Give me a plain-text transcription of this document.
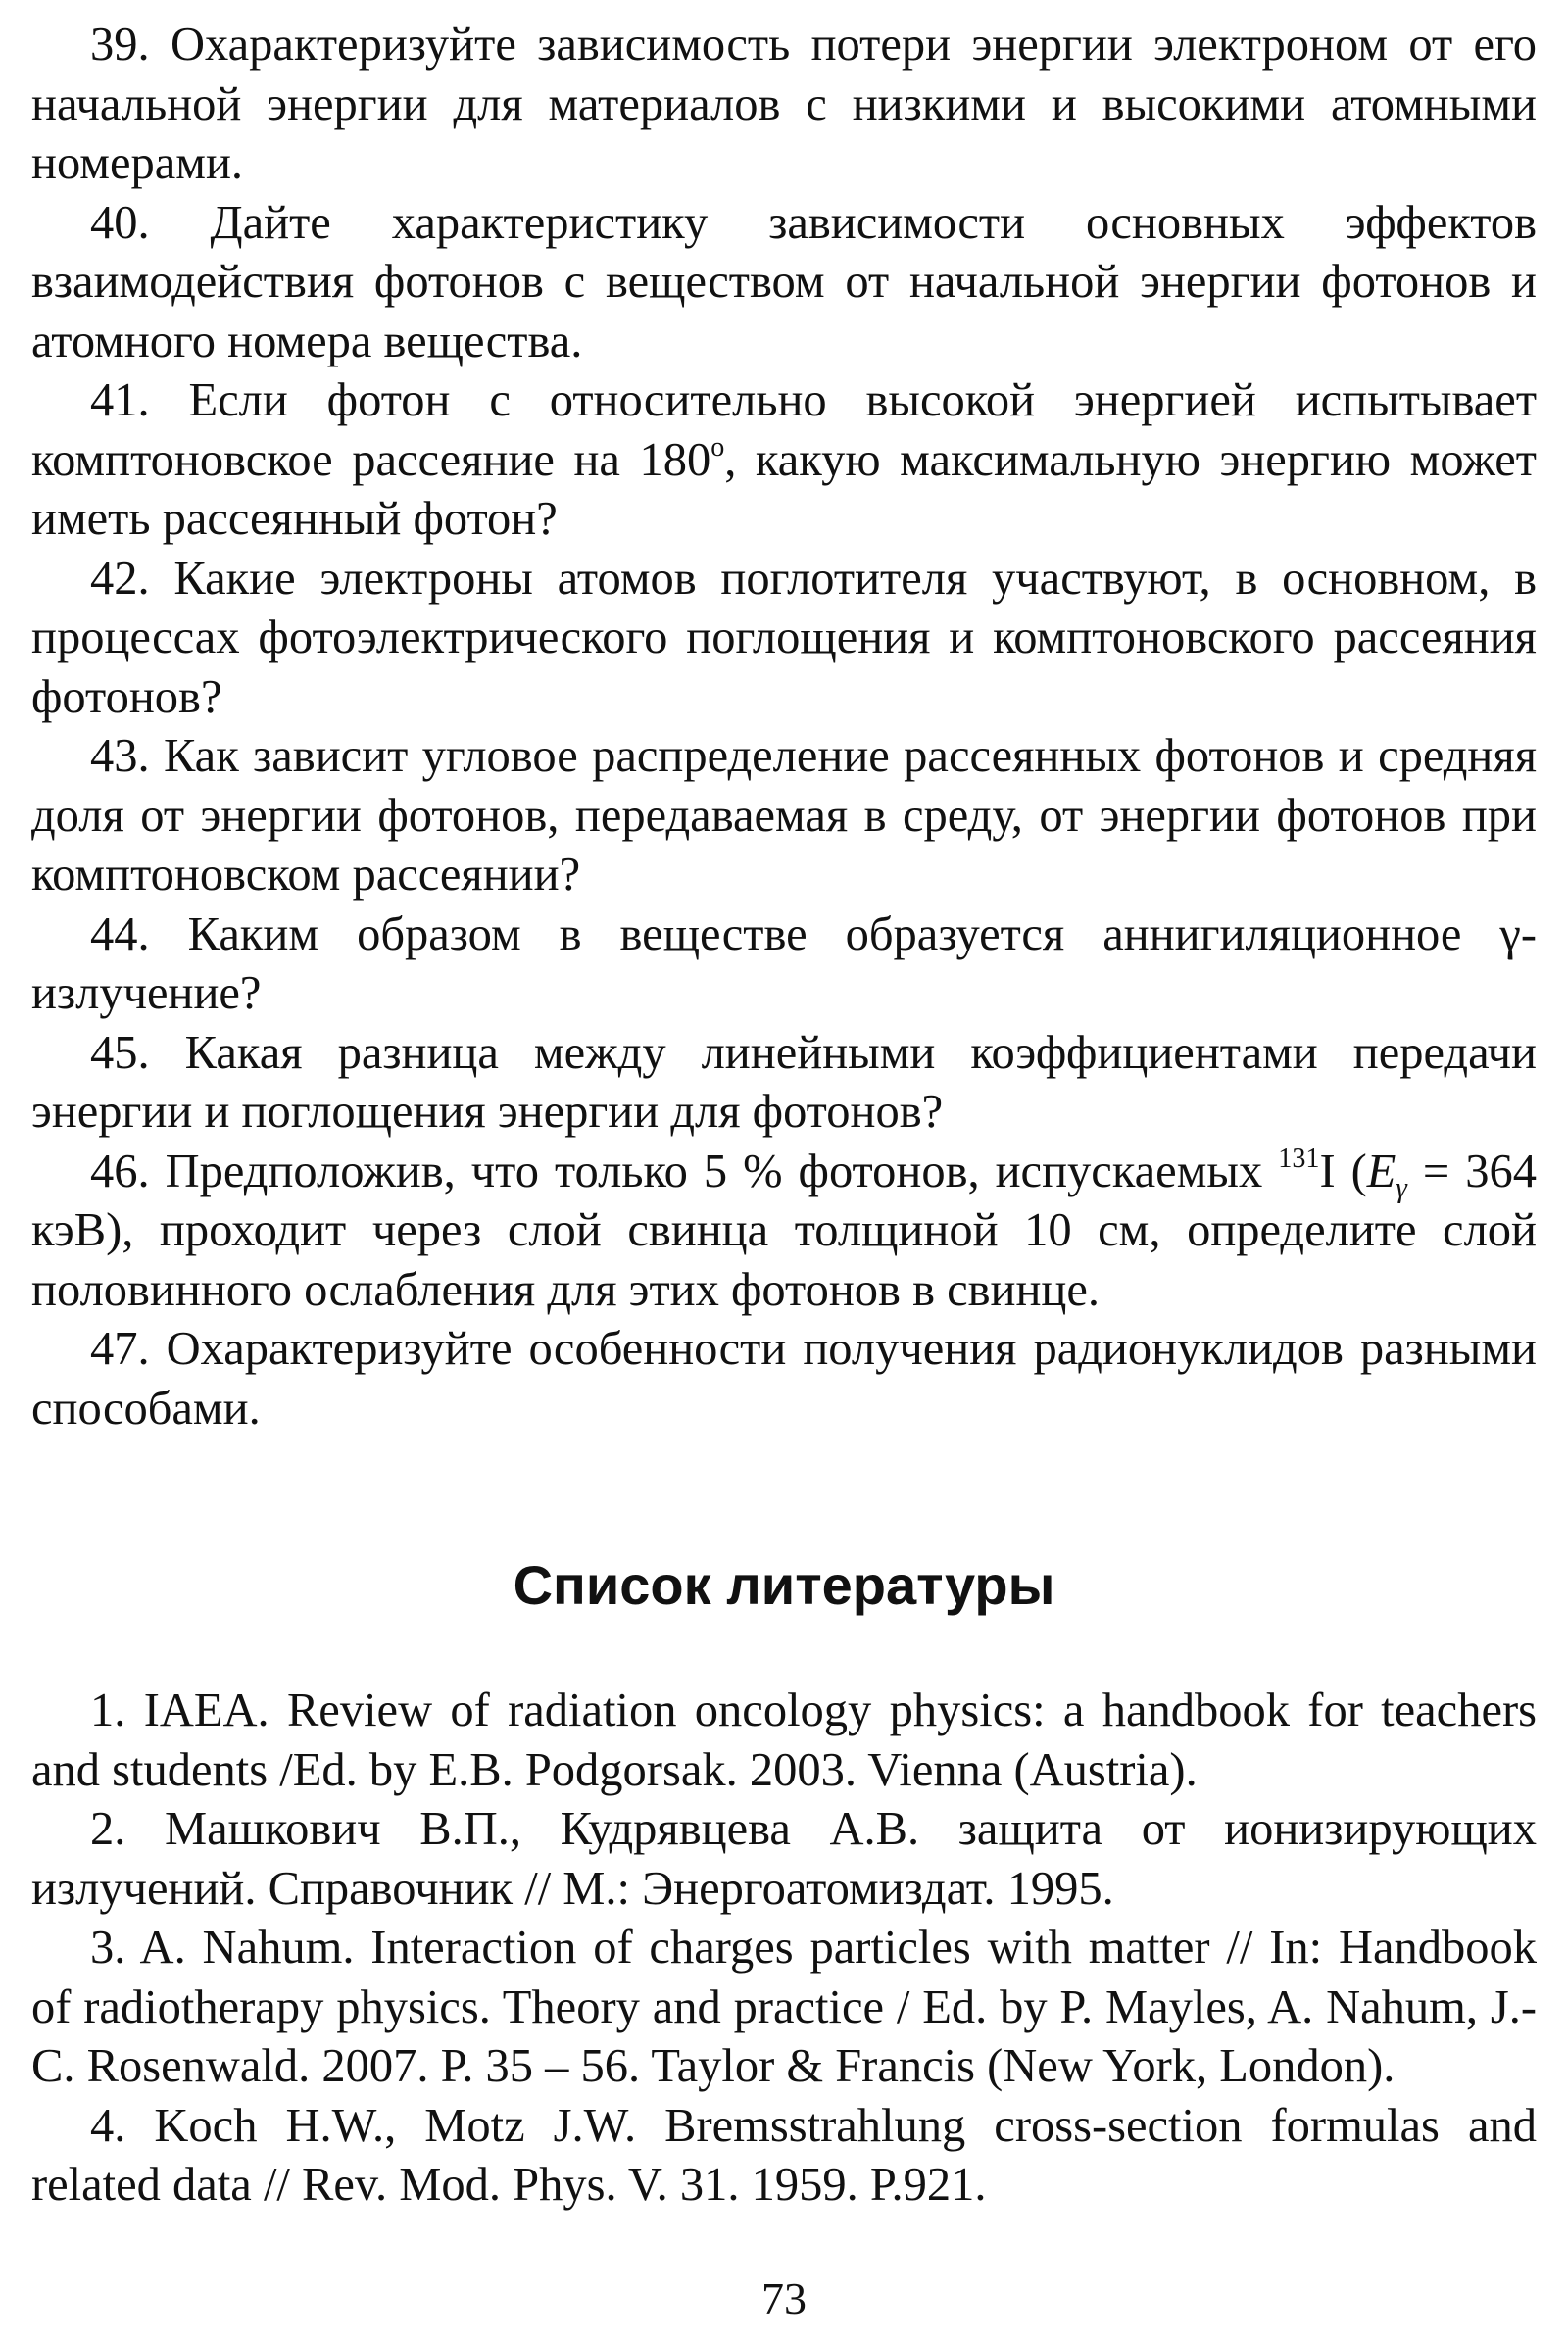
39. Охарактеризуйте зависимость потери энергии электроном от его начальной энергии для материалов с низкими и высокими атомными номерами.

40. Дайте характеристику зависимости основных эффектов взаимодействия фотонов с веществом от начальной энергии фотонов и атомного номера вещества.

41. Если фотон с относительно высокой энергией испытывает комптоновское рассеяние на 180$^o$, какую максимальную энергию может иметь рассеянный фотон?

42. Какие электроны атомов поглотителя участвуют, в основном, в процессах фотоэлектрического поглощения и комптоновского рассеяния фотонов?

43. Как зависит угловое распределение рассеянных фотонов и средняя доля от энергии фотонов, передаваемая в среду, от энергии фотонов при комптоновском рассеянии?

44. Каким образом в веществе образуется аннигиляционное γ-излучение?

45. Какая разница между линейными коэффициентами передачи энергии и поглощения энергии для фотонов?

46. Предположив, что только 5 % фотонов, испускаемых $^{131}$I ($E_\gamma = 364$ кэВ), проходит через слой свинца толщиной 10 см, определите слой половинного ослабления для этих фотонов в свинце.

47. Охарактеризуйте особенности получения радионуклидов разными способами.

Список литературы

1. IAEA. Review of radiation oncology physics: a handbook for teachers and students /Ed. by E.B. Podgorsak. 2003. Vienna (Austria).

2. Машкович В.П., Кудрявцева А.В. защита от ионизирующих излучений. Справочник // М.: Энергоатомиздат. 1995.

3. A. Nahum. Interaction of charges particles with matter // In: Handbook of radiotherapy physics. Theory and practice / Ed. by P. Mayles, A. Nahum, J.-C. Rosenwald. 2007. P. 35 – 56. Taylor & Francis (New York, London).

4. Koch H.W., Motz J.W. Bremsstrahlung cross-section formulas and related data // Rev. Mod. Phys. V. 31. 1959. P.921.

73
